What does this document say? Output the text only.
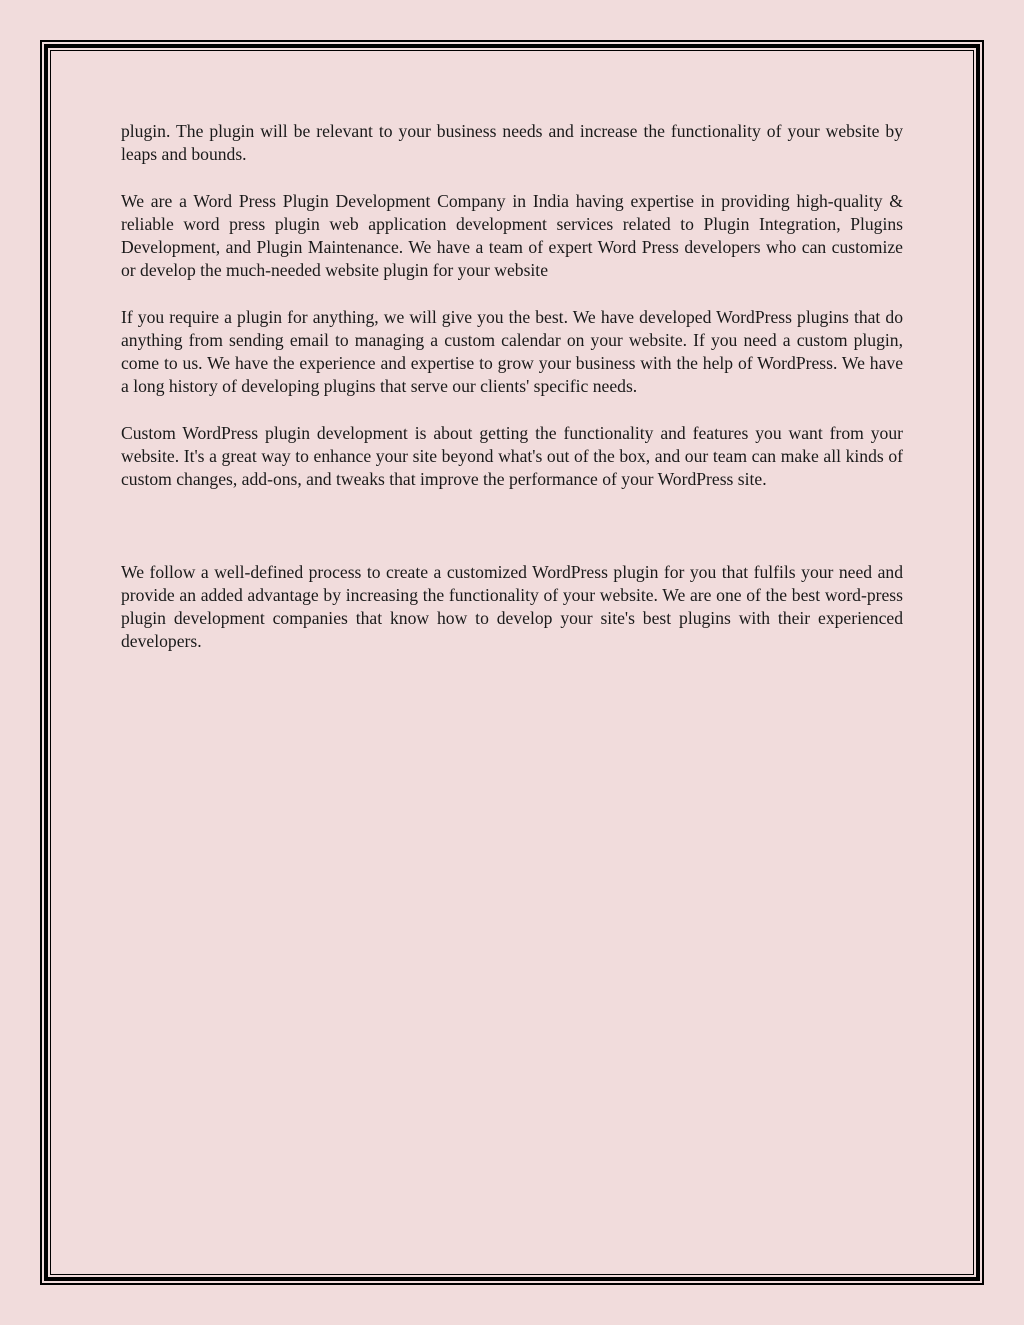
plugin. The plugin will be relevant to your business needs and increase the functionality of your website by leaps and bounds.

We are a Word Press Plugin Development Company in India having expertise in providing high-quality & reliable word press plugin web application development services related to Plugin Integration, Plugins Development, and Plugin Maintenance. We have a team of expert Word Press developers who can customize or develop the much-needed website plugin for your website

If you require a plugin for anything, we will give you the best. We have developed WordPress plugins that do anything from sending email to managing a custom calendar on your website. If you need a custom plugin, come to us. We have the experience and expertise to grow your business with the help of WordPress. We have a long history of developing plugins that serve our clients' specific needs.

Custom WordPress plugin development is about getting the functionality and features you want from your website. It's a great way to enhance your site beyond what's out of the box, and our team can make all kinds of custom changes, add-ons, and tweaks that improve the performance of your WordPress site.

We follow a well-defined process to create a customized WordPress plugin for you that fulfils your need and provide an added advantage by increasing the functionality of your website. We are one of the best word-press plugin development companies that know how to develop your site's best plugins with their experienced developers.
